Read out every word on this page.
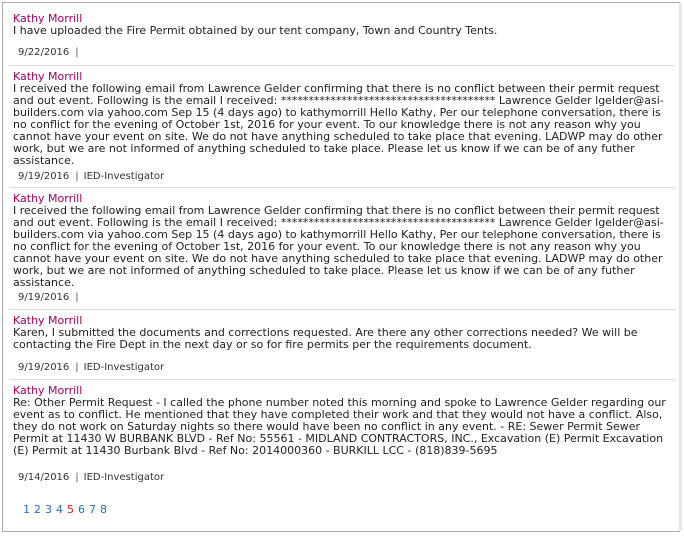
Kathy Morrill
I have uploaded the Fire Permit obtained by our tent company, Town and Country Tents.
9/22/2016 |
Kathy Morrill
I received the following email from Lawrence Gelder confirming that there is no conflict between their permit request and out event. Following is the email I received: *************************************** Lawrence Gelder lgelder@asi-builders.com via yahoo.com Sep 15 (4 days ago) to kathymorrill Hello Kathy, Per our telephone conversation, there is no conflict for the evening of October 1st, 2016 for your event. To our knowledge there is not any reason why you cannot have your event on site. We do not have anything scheduled to take place that evening. LADWP may do other work, but we are not informed of anything scheduled to take place. Please let us know if we can be of any futher assistance.
9/19/2016 | IED-Investigator
Kathy Morrill
I received the following email from Lawrence Gelder confirming that there is no conflict between their permit request and out event. Following is the email I received: *************************************** Lawrence Gelder lgelder@asi-builders.com via yahoo.com Sep 15 (4 days ago) to kathymorrill Hello Kathy, Per our telephone conversation, there is no conflict for the evening of October 1st, 2016 for your event. To our knowledge there is not any reason why you cannot have your event on site. We do not have anything scheduled to take place that evening. LADWP may do other work, but we are not informed of anything scheduled to take place. Please let us know if we can be of any futher assistance.
9/19/2016 |
Kathy Morrill
Karen, I submitted the documents and corrections requested. Are there any other corrections needed? We will be contacting the Fire Dept in the next day or so for fire permits per the requirements document.
9/19/2016 | IED-Investigator
Kathy Morrill
Re: Other Permit Request - I called the phone number noted this morning and spoke to Lawrence Gelder regarding our event as to conflict. He mentioned that they have completed their work and that they would not have a conflict. Also, they do not work on Saturday nights so there would have been no conflict in any event. - RE: Sewer Permit Sewer Permit at 11430 W BURBANK BLVD - Ref No: 55561 - MIDLAND CONTRACTORS, INC., Excavation (E) Permit Excavation (E) Permit at 11430 Burbank Blvd - Ref No: 2014000360 - BURKILL LCC - (818)839-5695
9/14/2016 | IED-Investigator
1 2 3 4 5 6 7 8
